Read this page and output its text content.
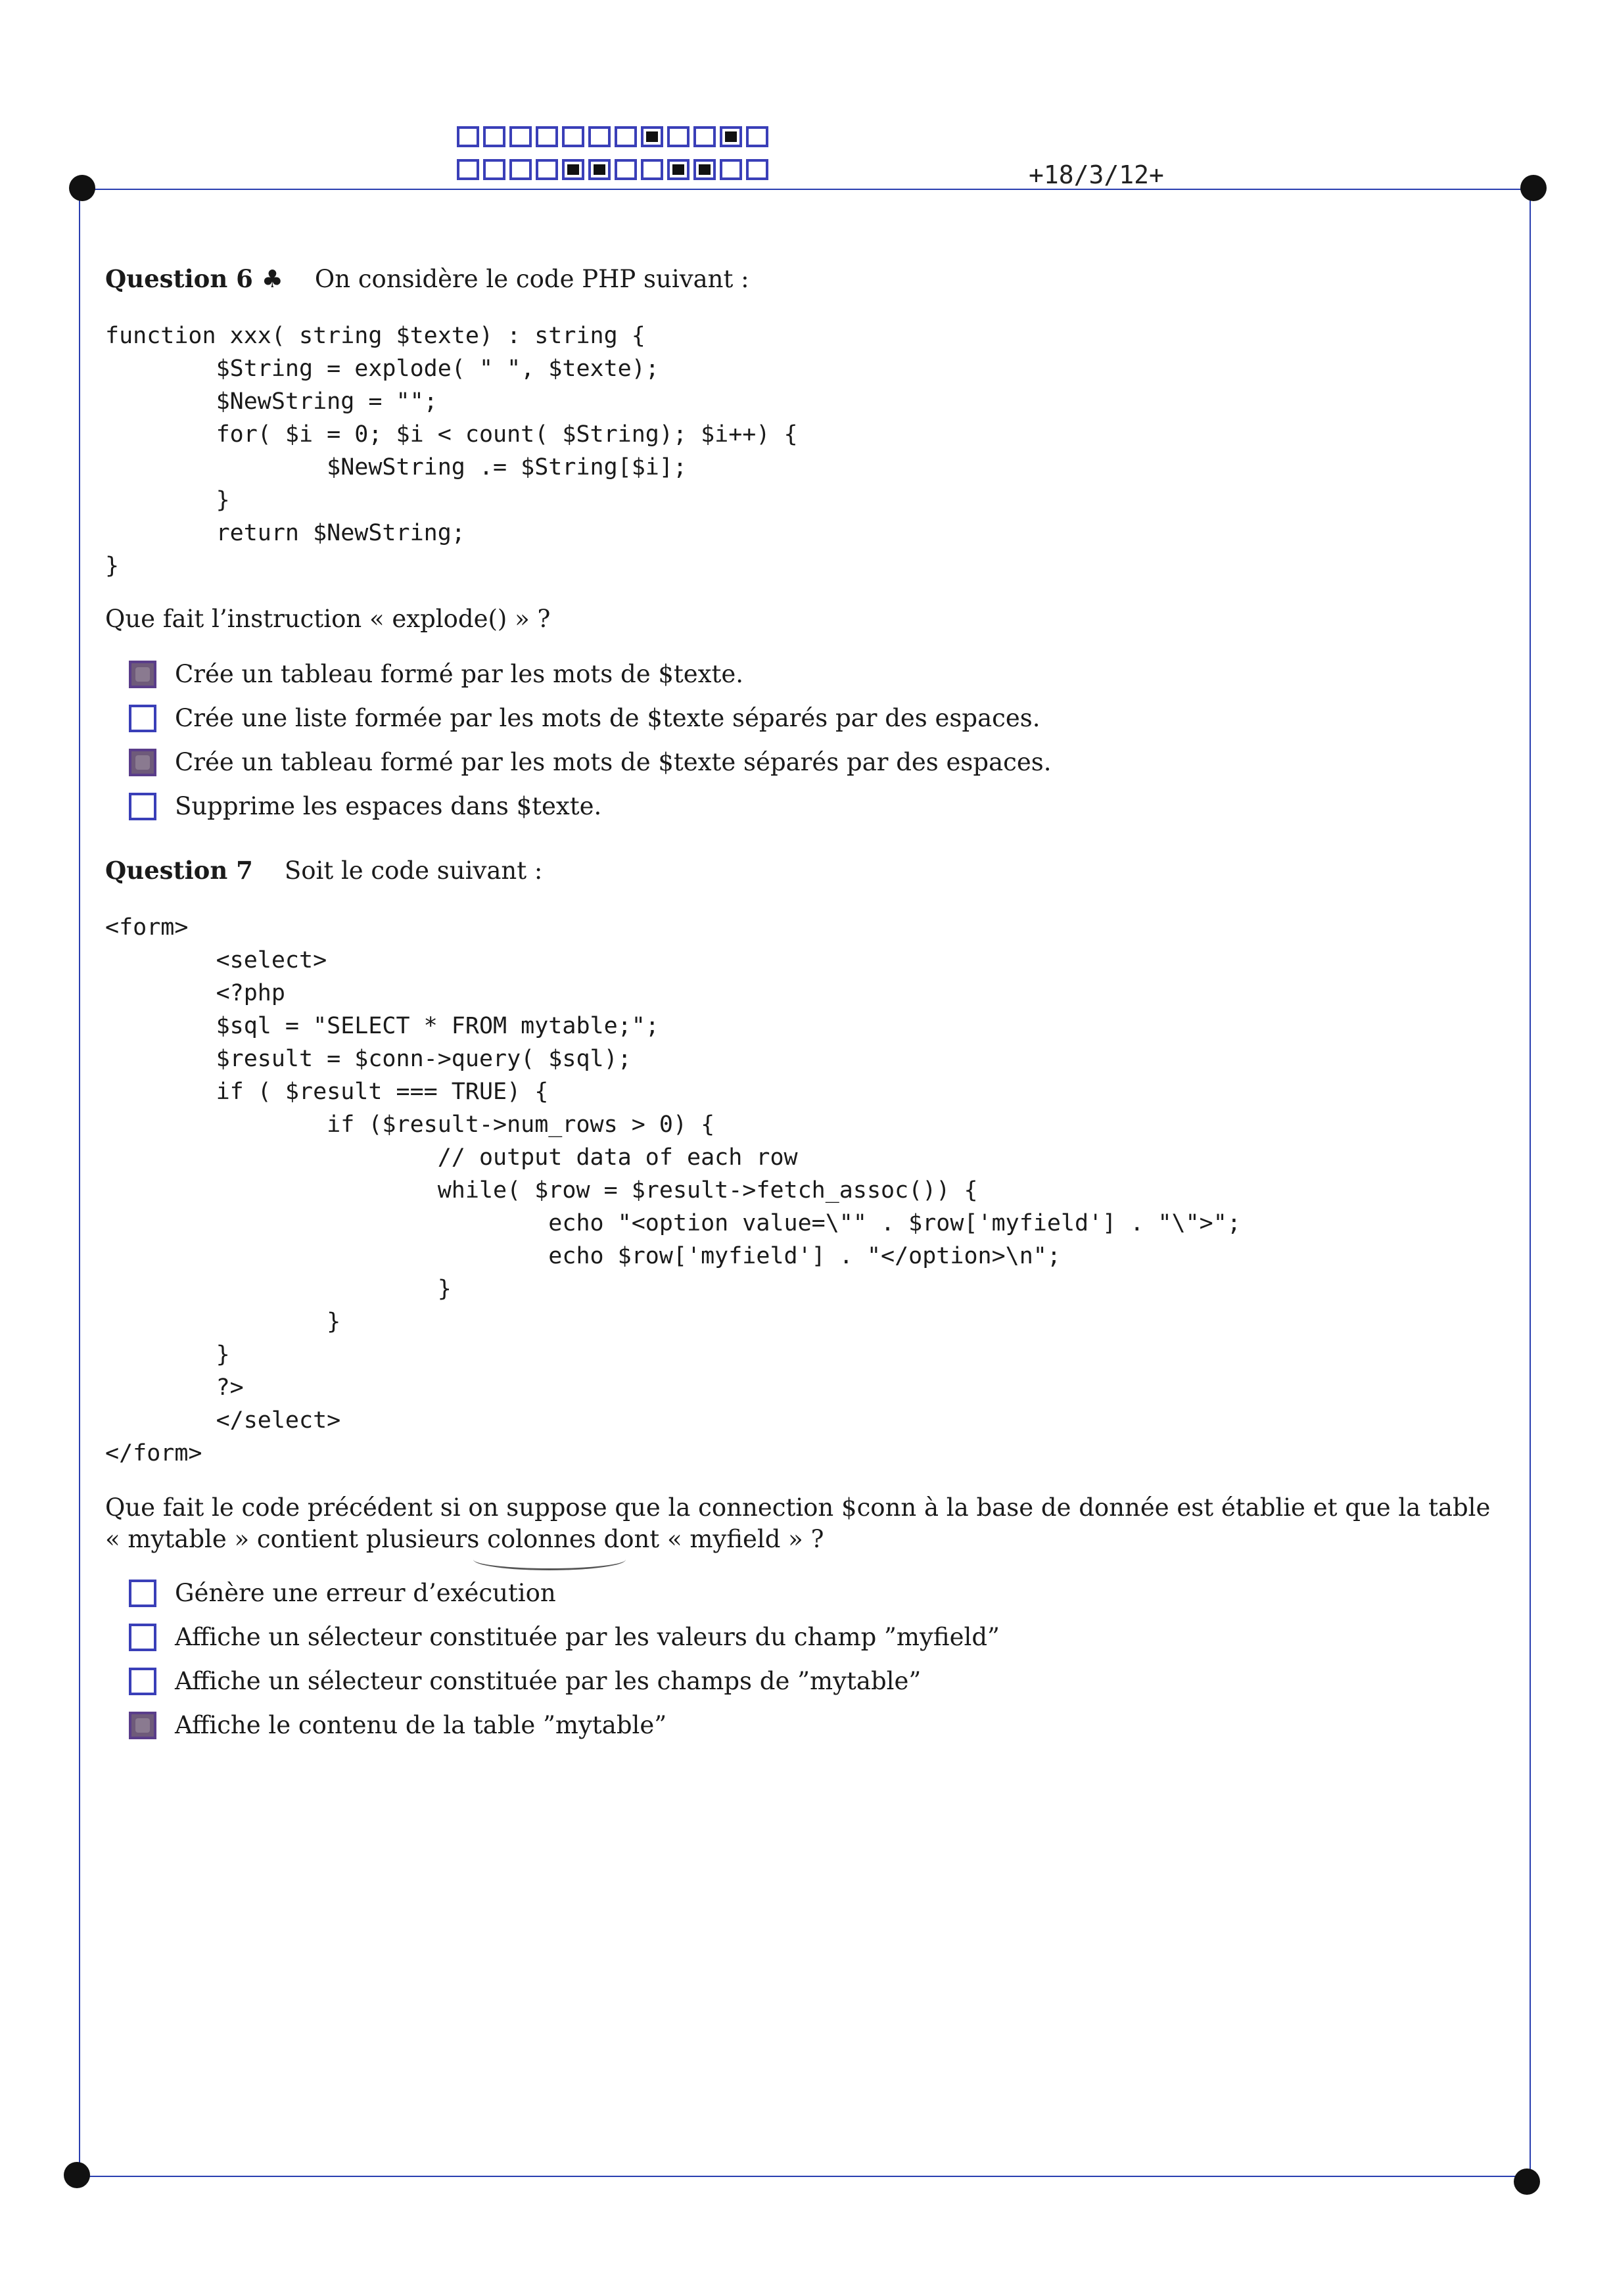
+18/3/12+
Question 6 ♣ On considère le code PHP suivant :
function xxx( string $texte) : string {
$String = explode( " ", $texte);
$NewString = "";
for( $i = 0; $i < count( $String); $i++) {
$NewString .= $String[$i];
}
return $NewString;
}
Que fait l’instruction « explode() » ?
Crée un tableau formé par les mots de $texte.
Crée une liste formée par les mots de $texte séparés par des espaces.
Crée un tableau formé par les mots de $texte séparés par des espaces.
Supprime les espaces dans $texte.
Question 7 Soit le code suivant :
<form>
<select>
<?php
$sql = "SELECT * FROM mytable;";
$result = $conn->query( $sql);
if ( $result === TRUE) {
if ($result->num_rows > 0) {
// output data of each row
while( $row = $result->fetch_assoc()) {
echo "<option value=\"" . $row['myfield'] . "\">";
echo $row['myfield'] . "</option>\n";
}
}
}
?>
</select>
</form>
Que fait le code précédent si on suppose que la connection $conn à la base de donnée est établie et que la table « mytable » contient plusieurs colonnes dont « myfield » ?
Génère une erreur d’exécution
Affiche un sélecteur constituée par les valeurs du champ ”myfield”
Affiche un sélecteur constituée par les champs de ”mytable”
Affiche le contenu de la table ”mytable”
